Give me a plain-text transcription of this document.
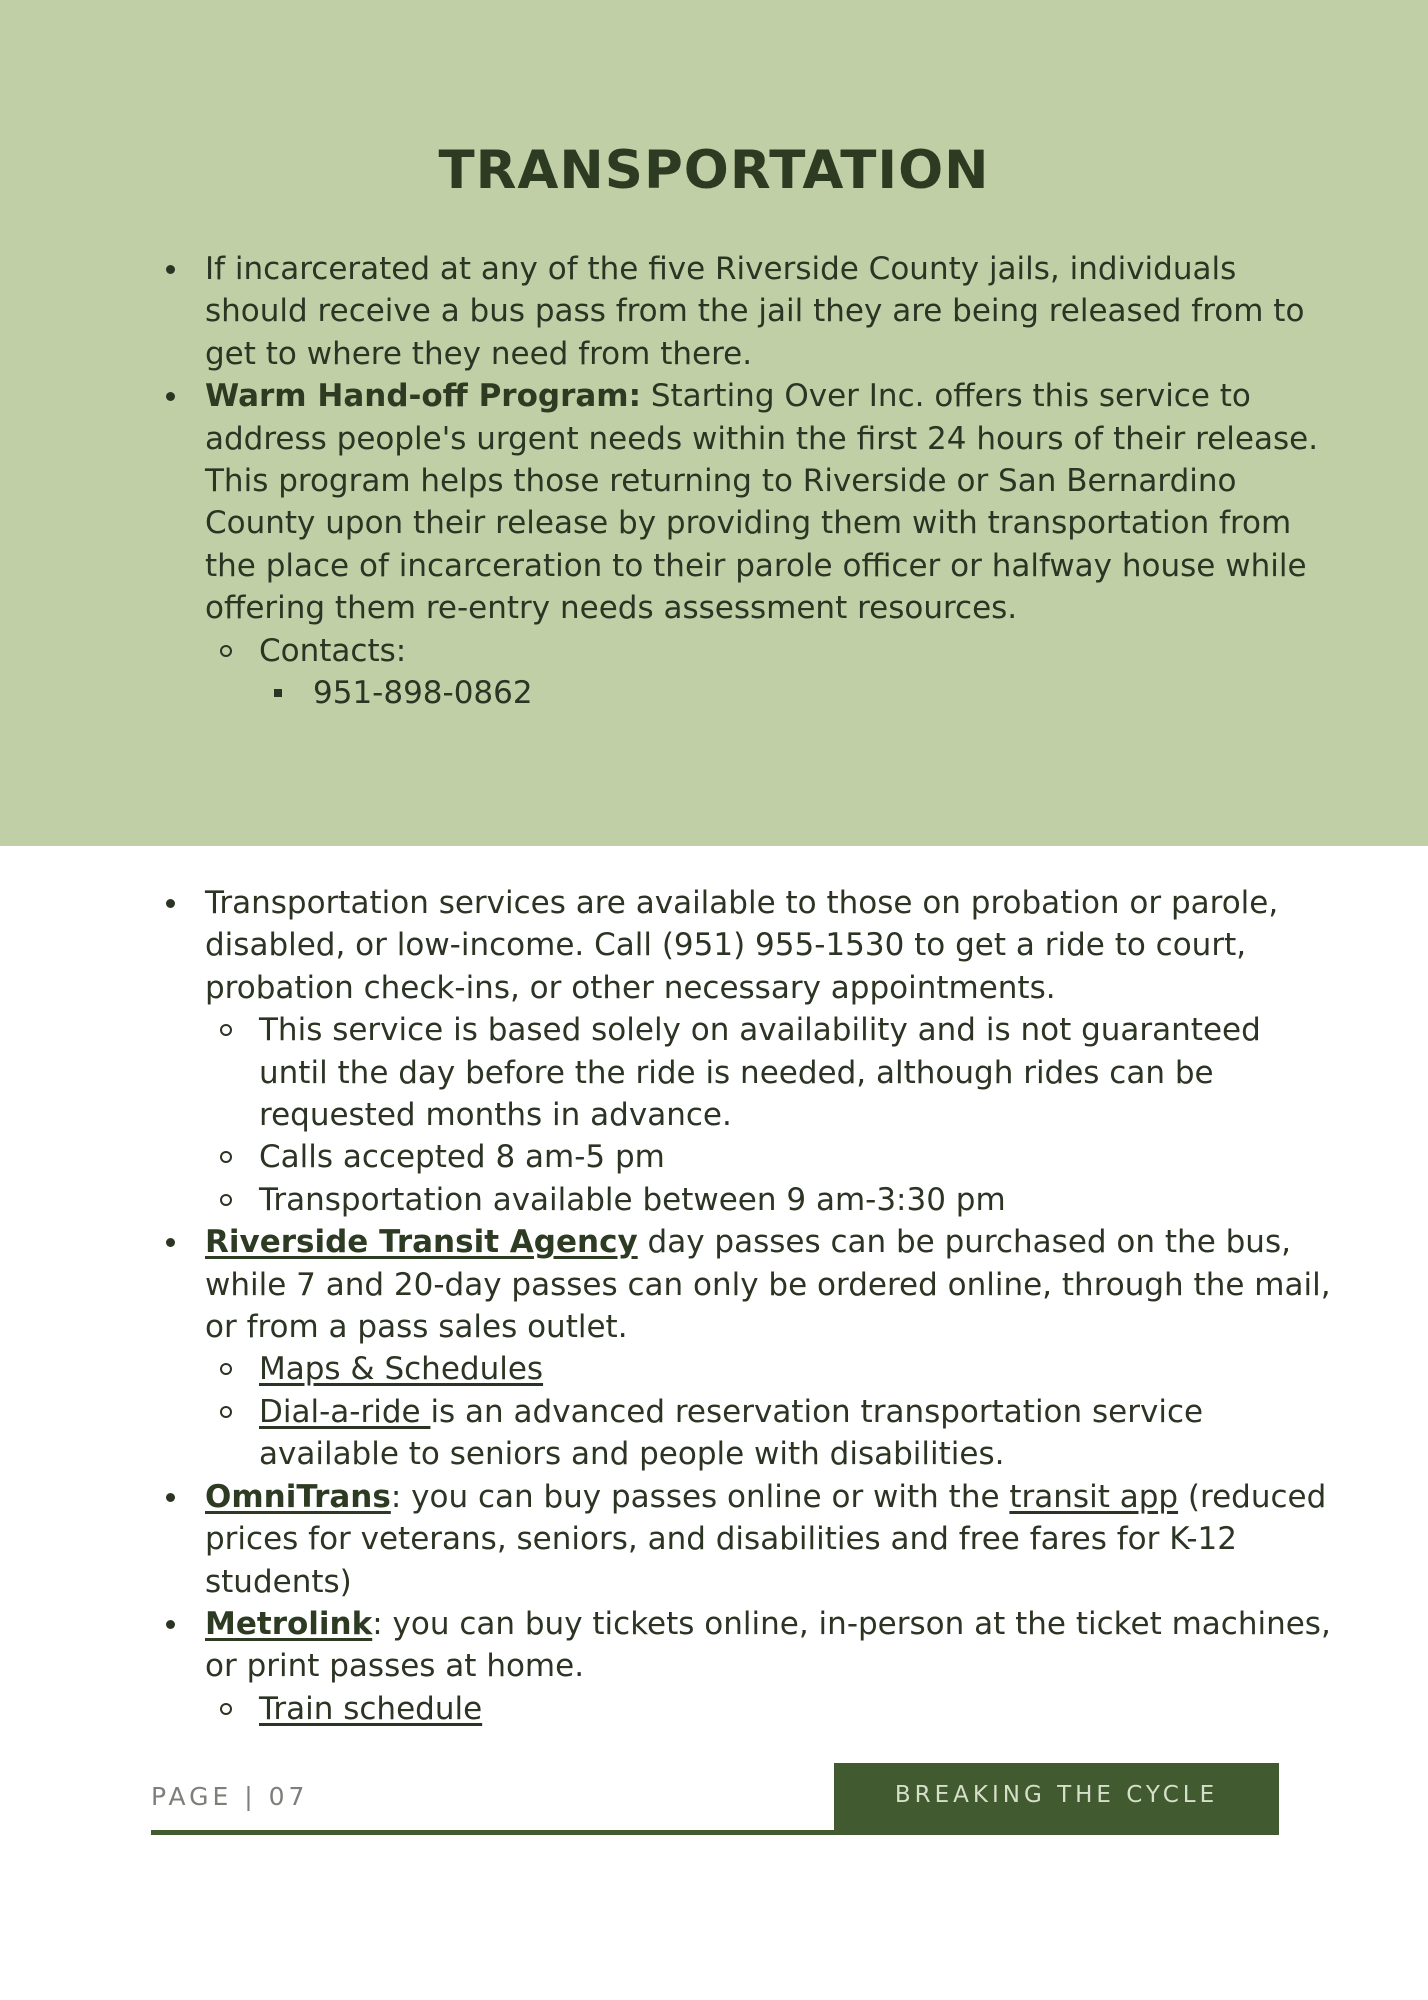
TRANSPORTATION
If incarcerated at any of the five Riverside County jails, individuals should receive a bus pass from the jail they are being released from to get to where they need from there.
Warm Hand-off Program: Starting Over Inc. offers this service to address people's urgent needs within the first 24 hours of their release. This program helps those returning to Riverside or San Bernardino County upon their release by providing them with transportation from the place of incarceration to their parole officer or halfway house while offering them re-entry needs assessment resources.
Contacts:
951-898-0862
Transportation services are available to those on probation or parole, disabled, or low-income. Call (951) 955-1530 to get a ride to court, probation check-ins, or other necessary appointments.
This service is based solely on availability and is not guaranteed until the day before the ride is needed, although rides can be requested months in advance.
Calls accepted 8 am-5 pm
Transportation available between 9 am-3:30 pm
Riverside Transit Agency day passes can be purchased on the bus, while 7 and 20-day passes can only be ordered online, through the mail, or from a pass sales outlet.
Maps & Schedules
Dial-a-ride is an advanced reservation transportation service available to seniors and people with disabilities.
OmniTrans: you can buy passes online or with the transit app (reduced prices for veterans, seniors, and disabilities and free fares for K-12 students)
Metrolink: you can buy tickets online, in-person at the ticket machines, or print passes at home.
Train schedule
PAGE | 07	BREAKING THE CYCLE
